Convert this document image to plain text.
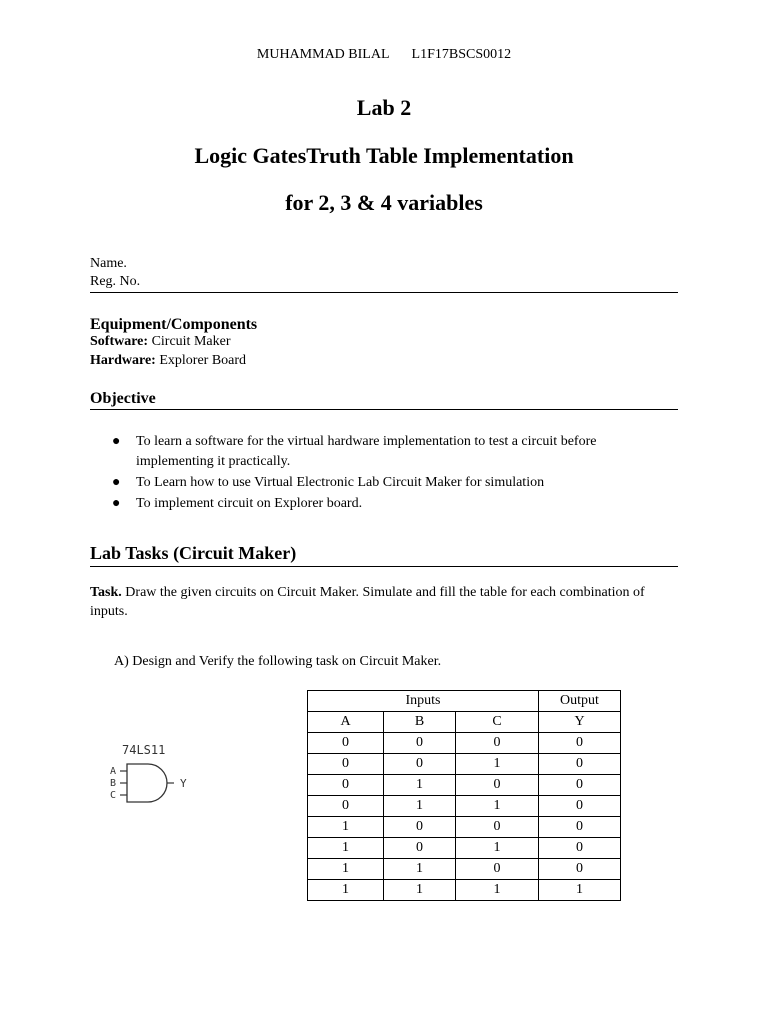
MUHAMMAD BILAL L1F17BSCS0012
Lab 2
Logic GatesTruth Table Implementation
for 2, 3 & 4 variables
Name.
Reg. No.
Equipment/Components
Software: Circuit Maker
Hardware: Explorer Board
Objective
● To learn a software for the virtual hardware implementation to test a circuit before implementing it practically.
● To Learn how to use Virtual Electronic Lab Circuit Maker for simulation
● To implement circuit on Explorer board.
Lab Tasks (Circuit Maker)
Task. Draw the given circuits on Circuit Maker. Simulate and fill the table for each combination of inputs.
A) Design and Verify the following task on Circuit Maker.
74LS11
A
B
C
Y
Inputs			Output
A	B	C	Y
0	0	0	0
0	0	1	0
0	1	0	0
0	1	1	0
1	0	0	0
1	0	1	0
1	1	0	0
1	1	1	1
